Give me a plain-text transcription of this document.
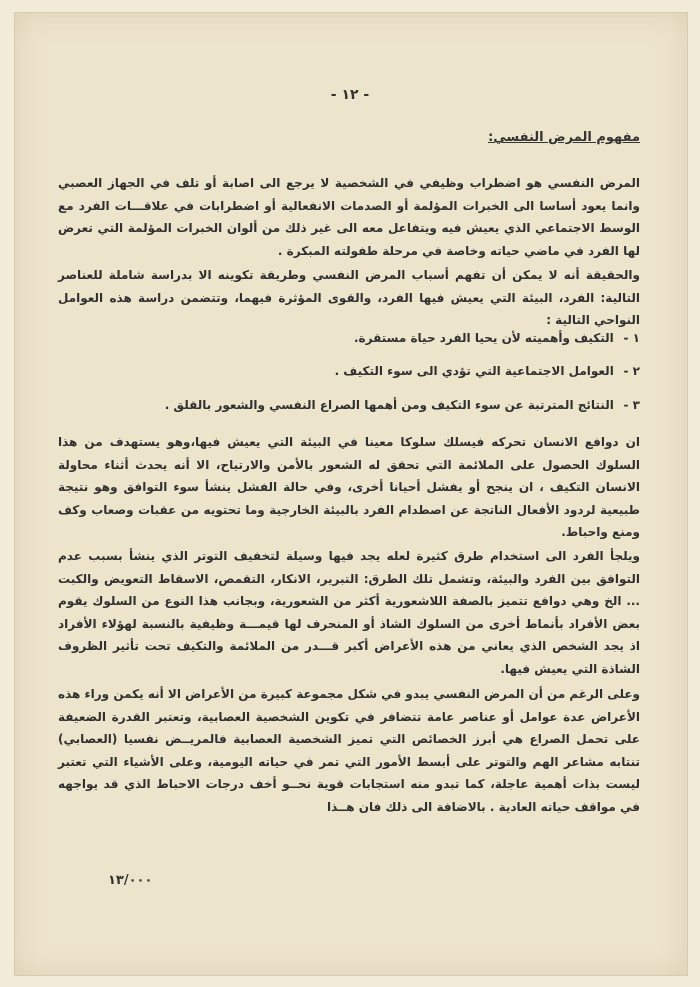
- ١٢ -
مفهوم المرض النفسي:
المرض النفسي هو اضطراب وظيفي في الشخصية لا يرجع الى اصابة أو تلف في الجهاز العصبي وانما يعود أساسا الى الخبرات المؤلمة أو الصدمات الانفعالية أو اضطرابات في علاقـــات الفرد مع الوسط الاجتماعي الذي يعيش فيه ويتفاعل معه الى غير ذلك من ألوان الخبرات المؤلمة التي تعرض لها الفرد في ماضي حياته وخاصة في مرحلة طفولته المبكرة .
والحقيقة أنه لا يمكن أن تفهم أسباب المرض النفسي وطريقة تكوينه الا بدراسة شاملة للعناصر التالية: الفرد، البيئة التي يعيش فيها الفرد، والقوى المؤثرة فيهما، وتتضمن دراسة هذه العوامل النواحي التالية :
١ - التكيف وأهميته لأن يحيا الفرد حياة مستقرة.
٢ - العوامل الاجتماعية التي تؤدي الى سوء التكيف .
٣ - النتائج المترتبة عن سوء التكيف ومن أهمها الصراع النفسي والشعور بالقلق .
ان دوافع الانسان تحركه فيسلك سلوكا معينا في البيئة التي يعيش فيها،وهو يستهدف من هذا السلوك الحصول على الملائمة التي تحقق له الشعور بالأمن والارتياح، الا أنه يحدث أثناء محاولة الانسان التكيف ، ان ينجح أو يفشل أحيانا أخرى، وفي حالة الفشل ينشأ سوء التوافق وهو نتيجة طبيعية لردود الأفعال الناتجة عن اصطدام الفرد بالبيئة الخارجية وما تحتويه من عقبات وصعاب وكف ومنع واحباط.
ويلجأ الفرد الى استخدام طرق كثيرة لعله يجد فيها وسيلة لتخفيف التوتر الذي ينشأ بسبب عدم التوافق بين الفرد والبيئة، وتشمل تلك الطرق: التبرير، الانكار، التقمص، الاسقاط التعويض والكبت ... الخ وهي دوافع تتميز بالصفة اللاشعورية أكثر من الشعورية، وبجانب هذا النوع من السلوك يقوم بعض الأفراد بأنماط أخرى من السلوك الشاذ أو المنحرف لها قيمـــة وظيفية بالنسبة لهؤلاء الأفراد اذ يجد الشخص الذي يعاني من هذه الأعراض أكبر قـــدر من الملائمة والتكيف تحت تأثير الظروف الشاذة التي يعيش فيها.
وعلى الرغم من أن المرض النفسي يبدو في شكل مجموعة كبيرة من الأعراض الا أنه يكمن وراء هذه الأعراض عدة عوامل أو عناصر عامة تتضافر في تكوين الشخصية العصابية، وتعتبر القدرة الضعيفة على تحمل الصراع هي أبرز الخصائص التي تميز الشخصية العصابية فالمريــض نفسيا (العصابي) تنتابه مشاعر الهم والتوتر على أبسط الأمور التي تمر في حياته اليومية، وعلى الأشياء التي تعتبر ليست بذات أهمية عاجلة، كما تبدو منه استجابات قوية نحــو أخف درجات الاحباط الذي قد يواجهه في مواقف حياته العادية . بالاضافة الى ذلك فان هــذا
١٣/٠٠٠
